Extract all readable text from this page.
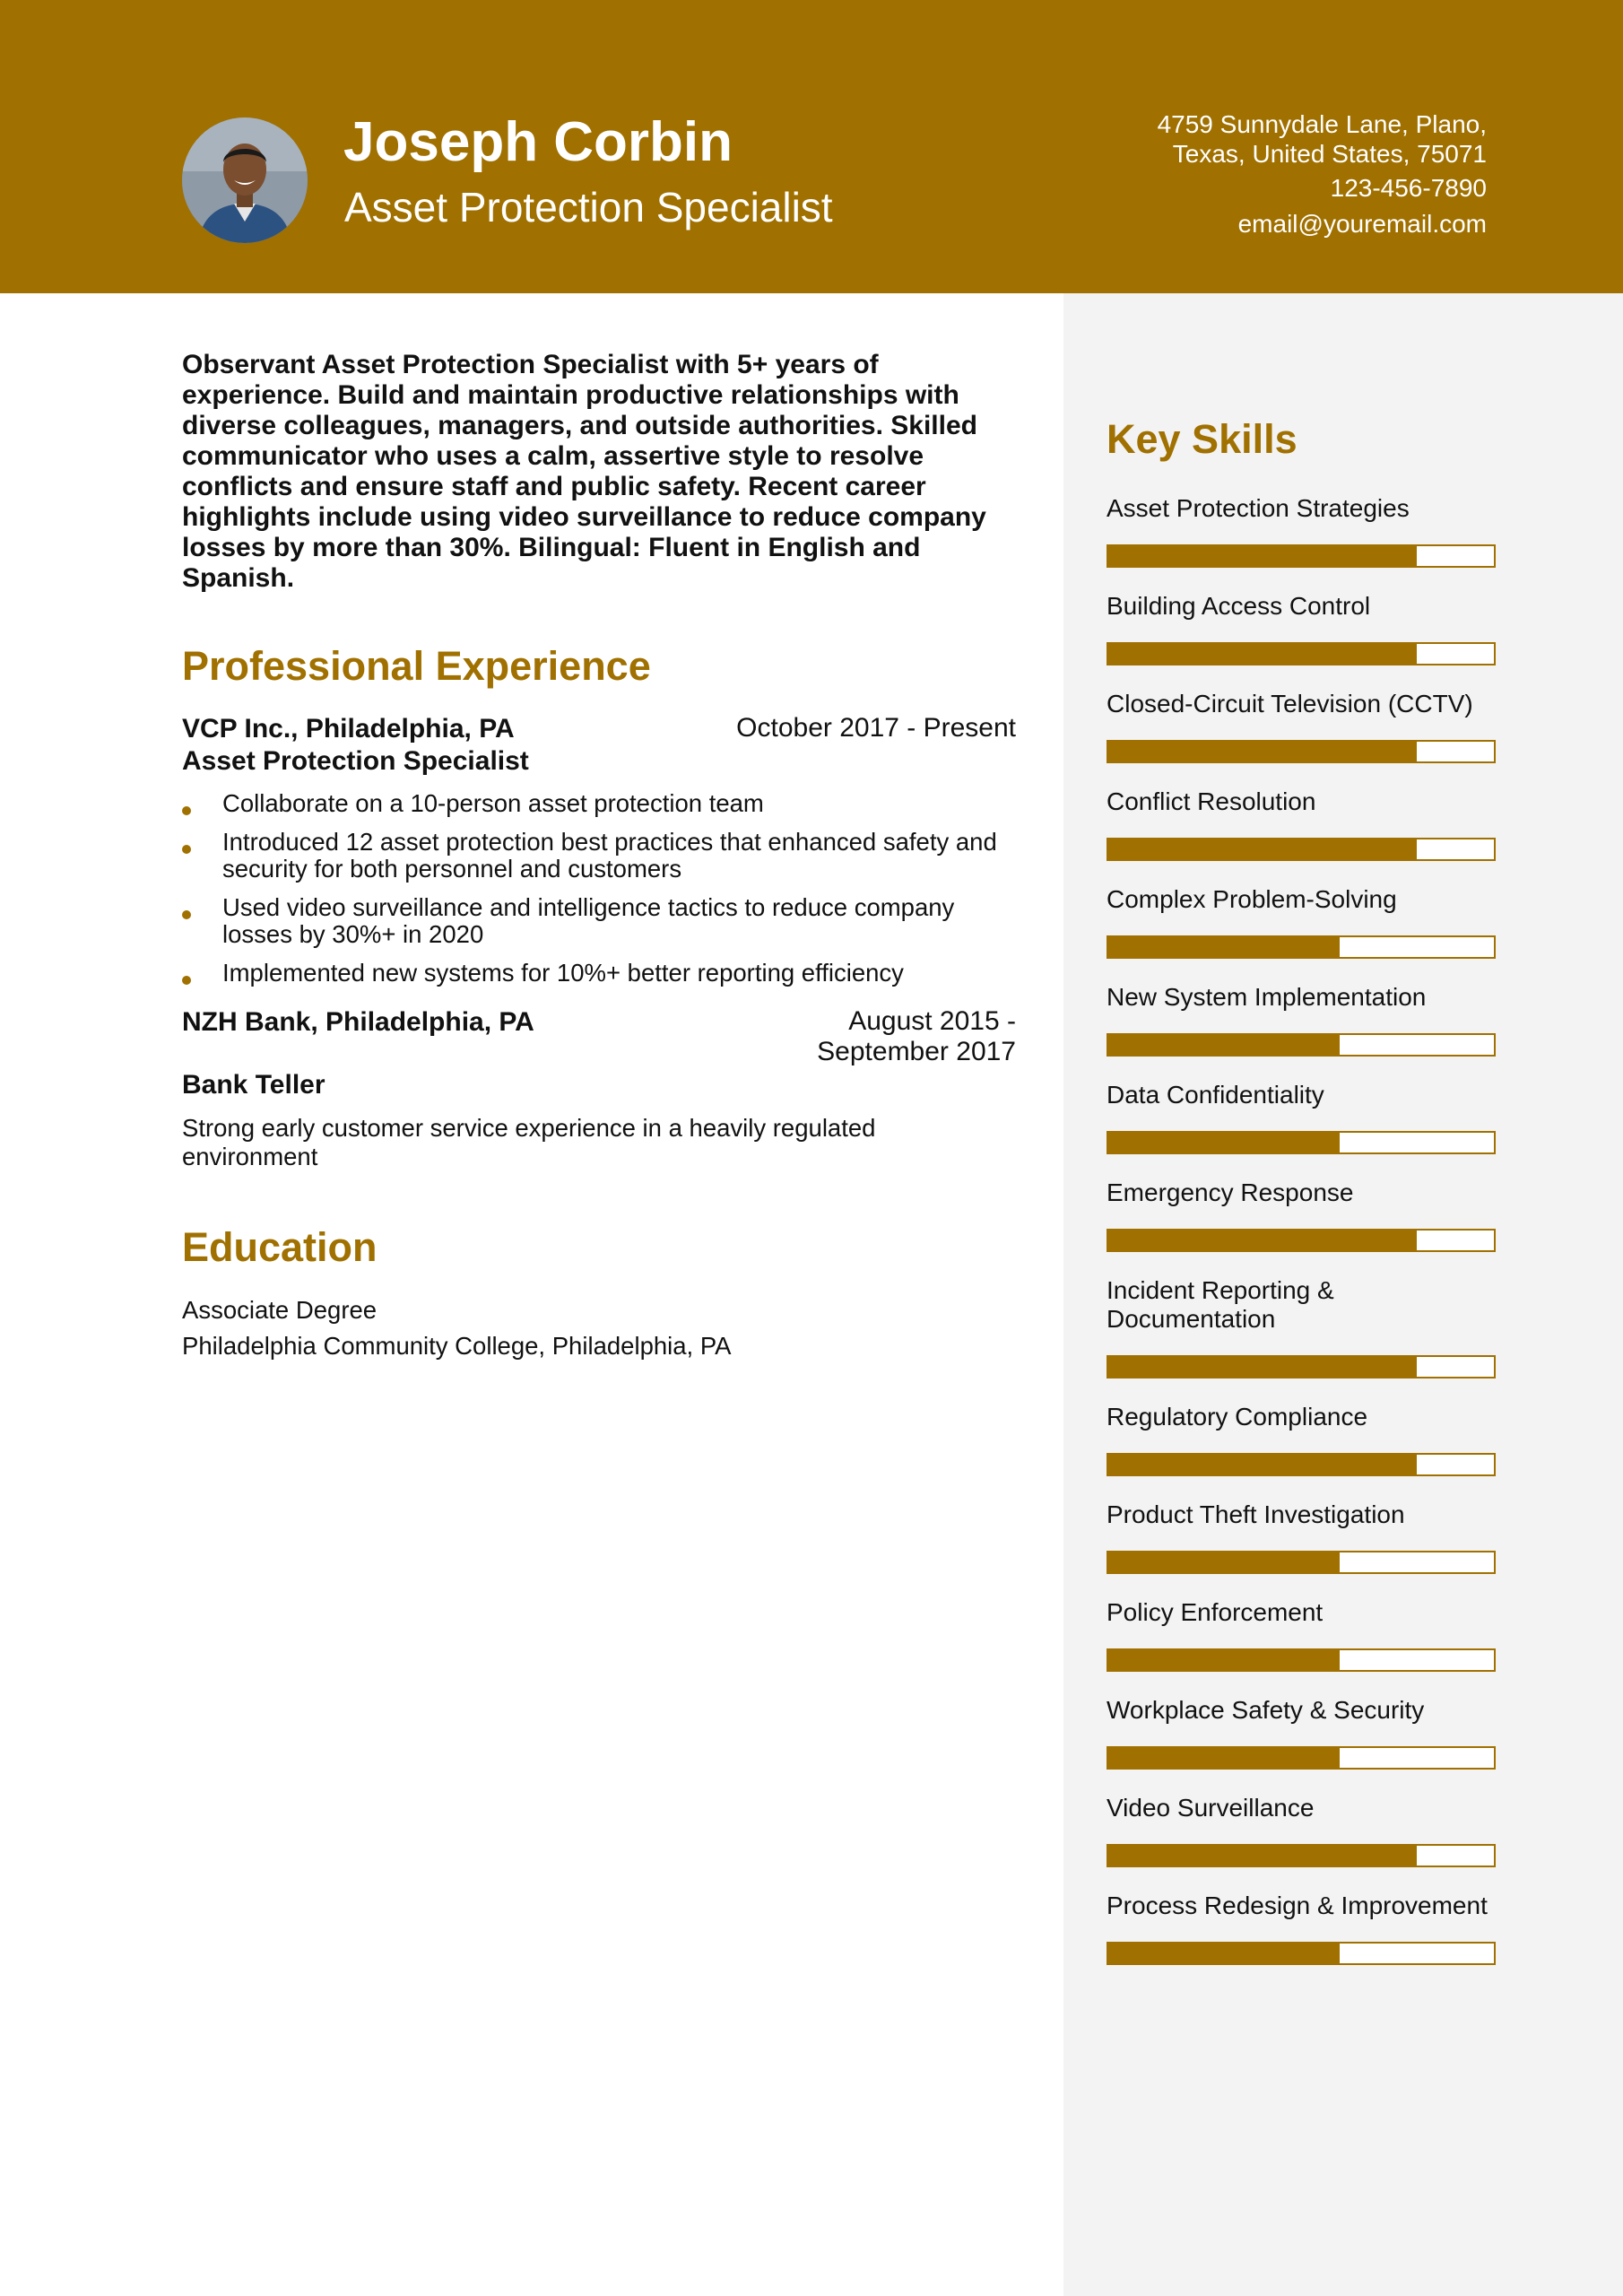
Joseph Corbin
Asset Protection Specialist
4759 Sunnydale Lane, Plano,
Texas, United States, 75071
123-456-7890
email@youremail.com

Observant Asset Protection Specialist with 5+ years of experience. Build and maintain productive relationships with diverse colleagues, managers, and outside authorities. Skilled communicator who uses a calm, assertive style to resolve conflicts and ensure staff and public safety. Recent career highlights include using video surveillance to reduce company losses by more than 30%. Bilingual: Fluent in English and Spanish.

Professional Experience
VCP Inc., Philadelphia, PA	October 2017 - Present
Asset Protection Specialist
Collaborate on a 10-person asset protection team
Introduced 12 asset protection best practices that enhanced safety and security for both personnel and customers
Used video surveillance and intelligence tactics to reduce company losses by 30%+ in 2020
Implemented new systems for 10%+ better reporting efficiency
NZH Bank, Philadelphia, PA	August 2015 -
September 2017
Bank Teller
Strong early customer service experience in a heavily regulated environment
Education
Associate Degree
Philadelphia Community College, Philadelphia, PA
Key Skills
Asset Protection Strategies
Building Access Control
Closed-Circuit Television (CCTV)
Conflict Resolution
Complex Problem-Solving
New System Implementation
Data Confidentiality
Emergency Response
Incident Reporting & Documentation
Regulatory Compliance
Product Theft Investigation
Policy Enforcement
Workplace Safety & Security
Video Surveillance
Process Redesign & Improvement
